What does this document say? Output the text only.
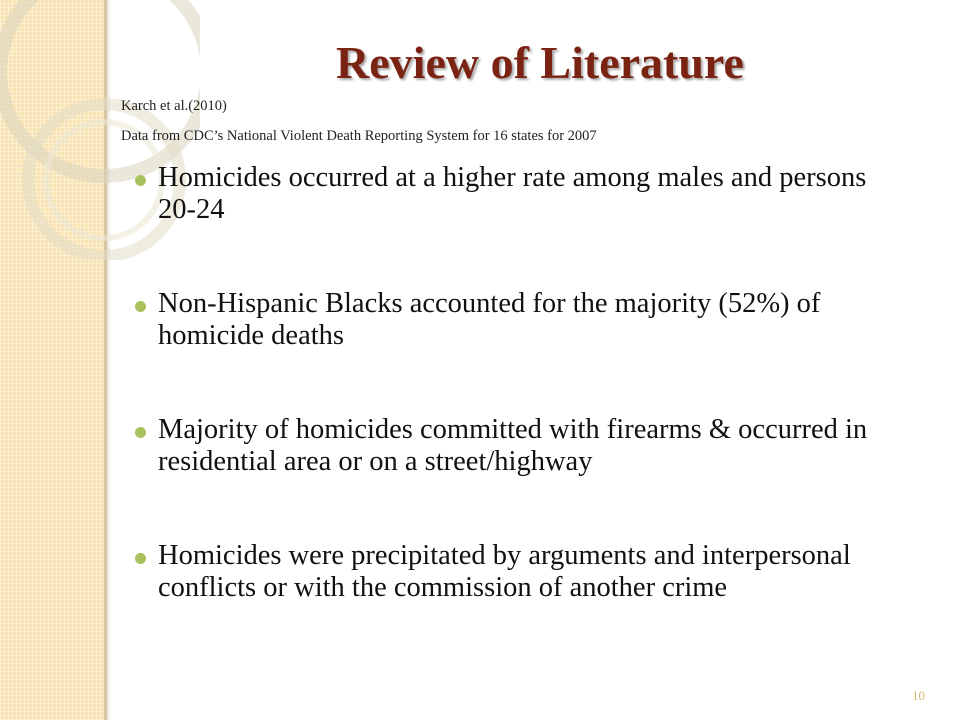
Review of Literature
Karch et al.(2010)
Data from CDC’s National Violent Death Reporting System for 16 states for 2007
Homicides occurred at a higher rate among males and persons 20-24
Non-Hispanic Blacks accounted for the majority (52%) of homicide deaths
Majority of homicides committed with firearms & occurred in residential area or on a street/highway
Homicides were precipitated by arguments and interpersonal conflicts or with the commission of another crime
10
